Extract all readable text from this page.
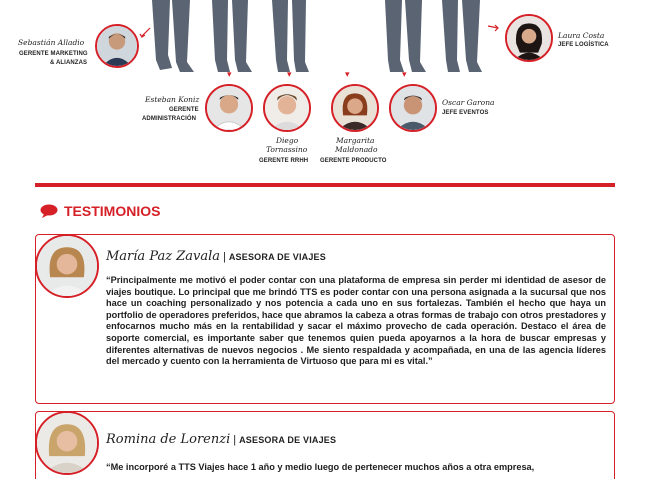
Sebastián Alladio
GERENTE MARKETING
& ALIANZAS
Laura Costa
JEFE LOGÍSTICA
▾	▾	▾	▾
Esteban Koniz
GERENTE
ADMINISTRACIÓN
Diego
Tornassino
GERENTE RRHH
Margarita
Maldonado
GERENTE PRODUCTO
Oscar Garona
JEFE EVENTOS
TESTIMONIOS
María Paz Zavala | ASESORA DE VIAJES
“Principalmente me motivó el poder contar con una plataforma de empresa sin perder mi identidad de asesor de viajes boutique. Lo principal que me brindó TTS es poder contar con una persona asignada a la sucursal que nos hace un coaching personalizado y nos potencia a cada uno en sus fortalezas. También el hecho que haya un portfolio de operadores preferidos, hace que abramos la cabeza a otras formas de trabajo con otros prestadores y enfocarnos mucho más en la rentabilidad y sacar el máximo provecho de cada operación. Destaco el área de soporte comercial, es importante saber que tenemos quien pueda apoyarnos a la hora de buscar empresas y diferentes alternativas de nuevos negocios . Me siento respaldada y acompañada, en una de las agencia líderes del mercado y cuento con la herramienta de Virtuoso que para mi es vital.”
Romina de Lorenzi | ASESORA DE VIAJES
“Me incorporé a TTS Viajes hace 1 año y medio luego de pertenecer muchos años a otra empresa,
